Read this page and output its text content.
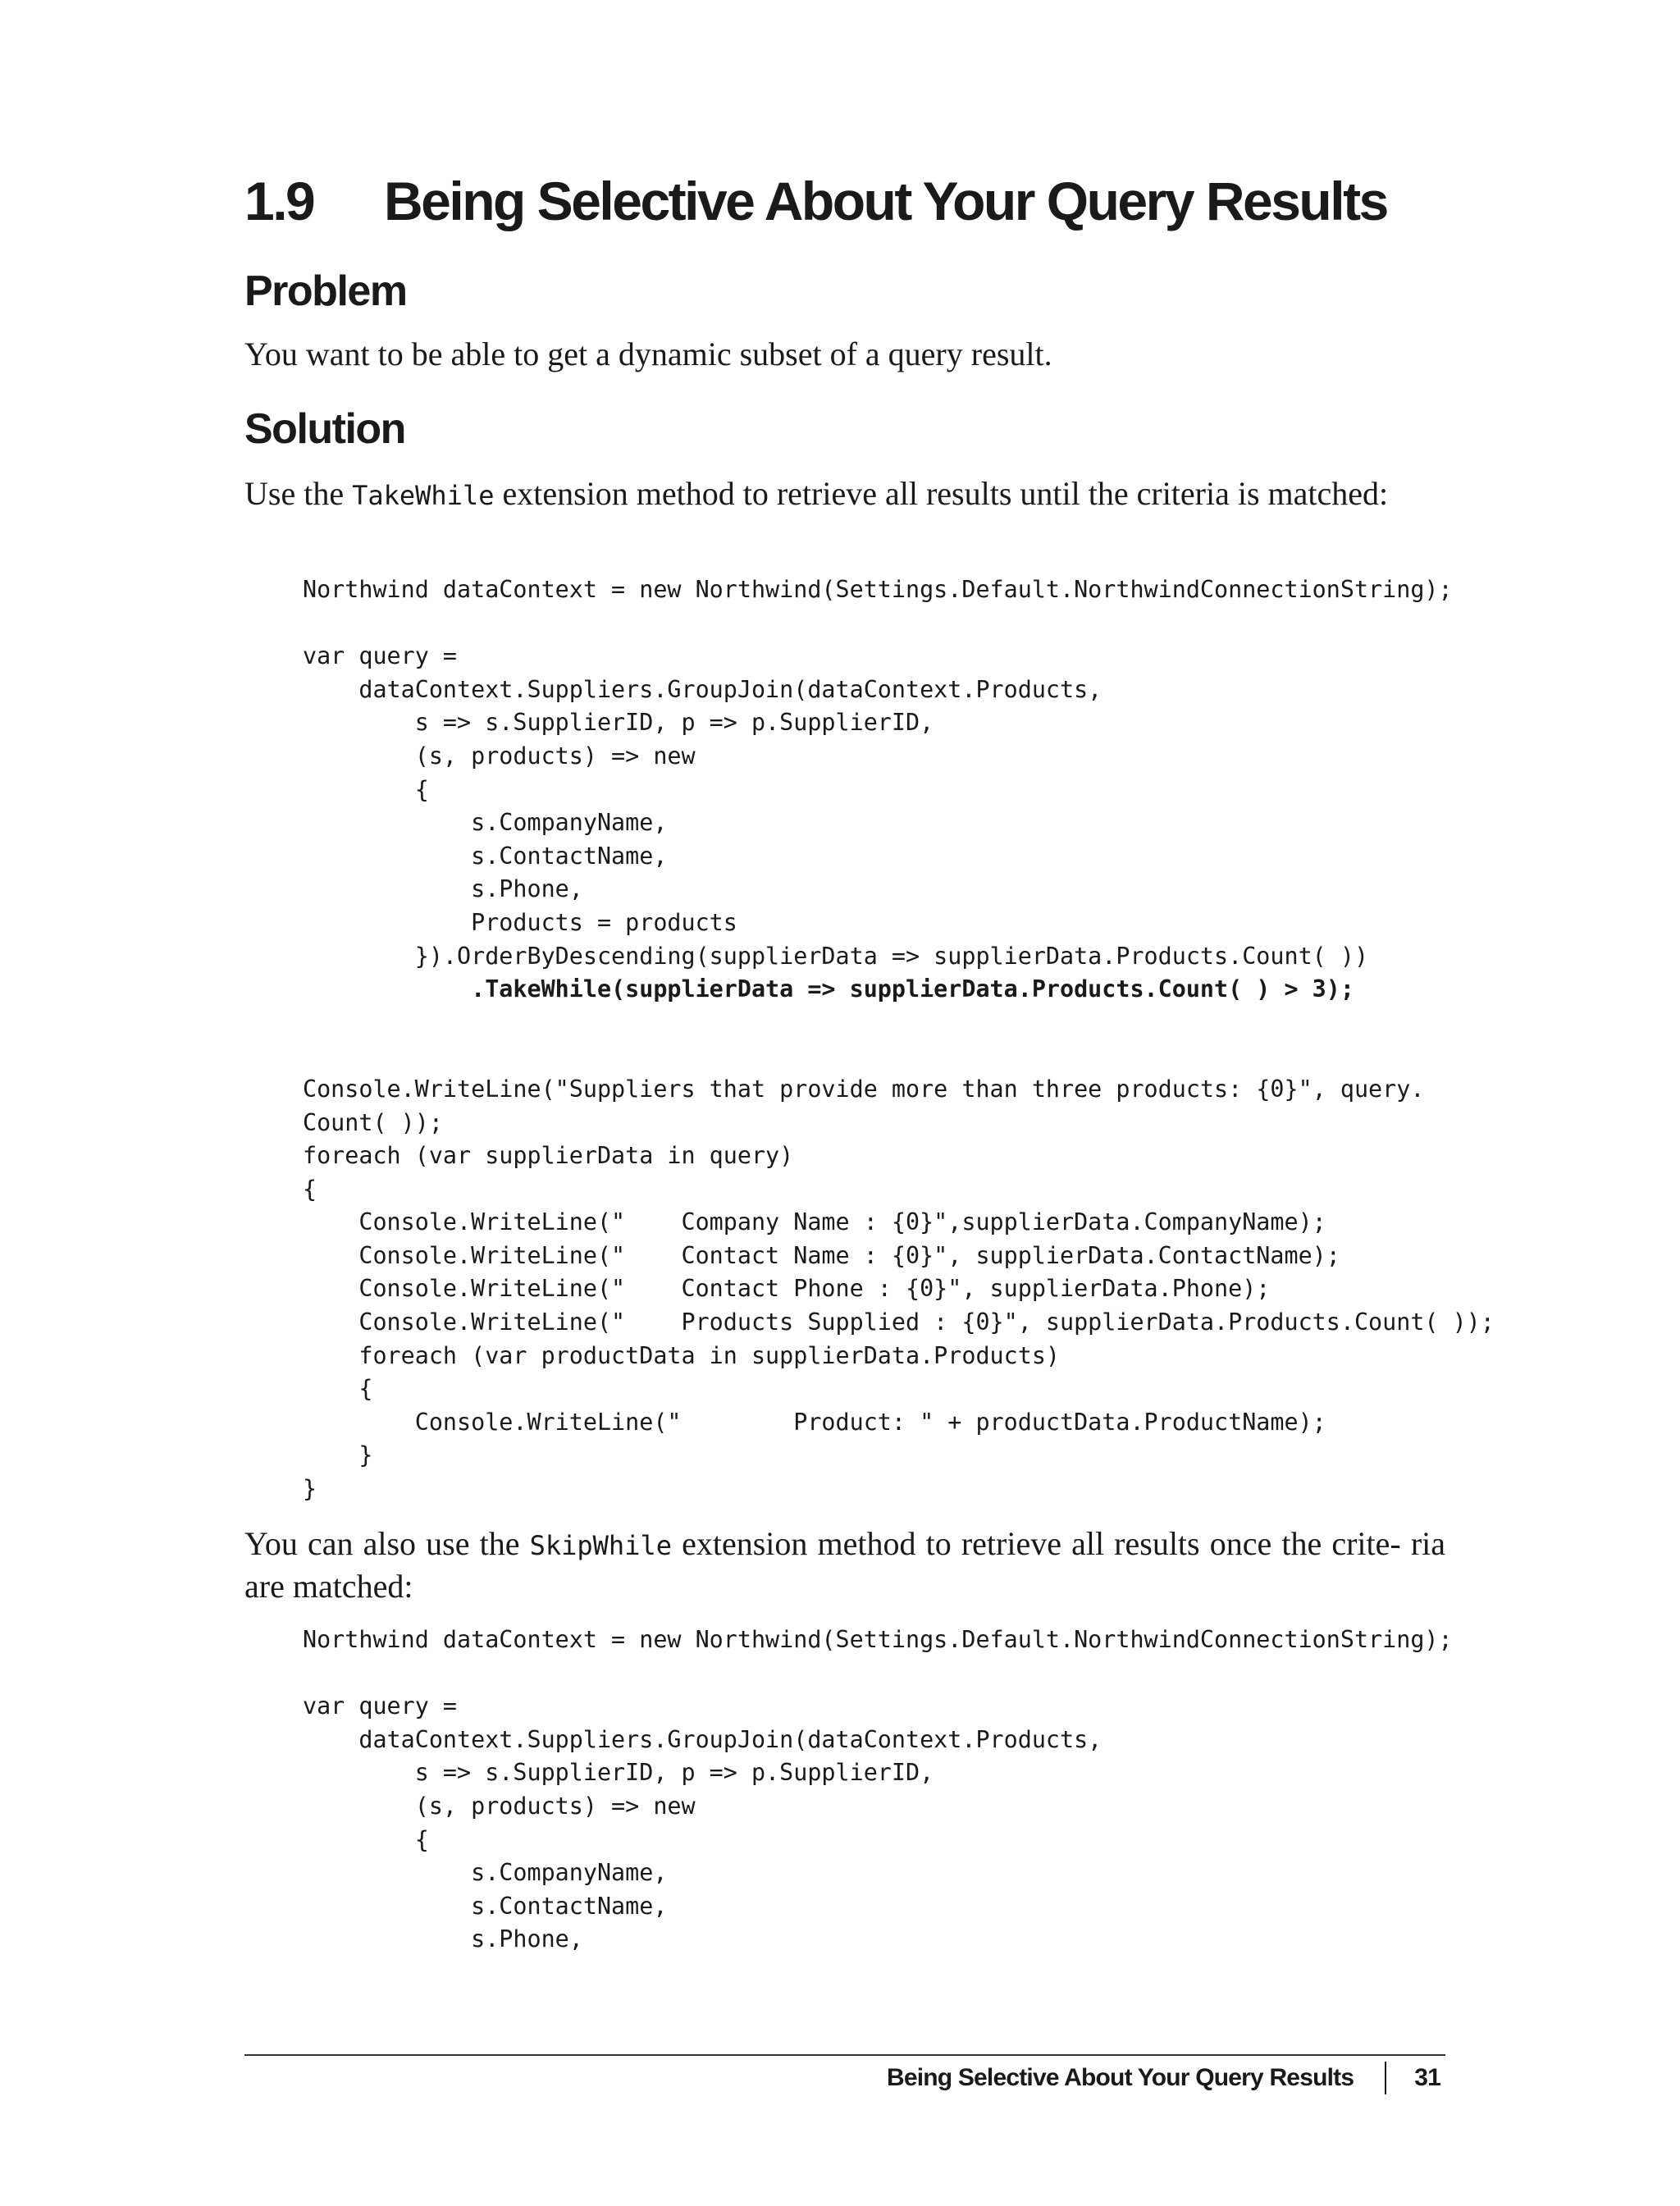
1.9 Being Selective About Your Query Results
Problem

You want to be able to get a dynamic subset of a query result.

Solution

Use the TakeWhile extension method to retrieve all results until the criteria is matched:

Northwind dataContext = new Northwind(Settings.Default.NorthwindConnectionString);
var query =
dataContext.Suppliers.GroupJoin(dataContext.Products,
s => s.SupplierID, p => p.SupplierID,
(s, products) => new
{
s.CompanyName,
s.ContactName,
s.Phone,
Products = products
}).OrderByDescending(supplierData => supplierData.Products.Count( ))
.TakeWhile(supplierData => supplierData.Products.Count( ) > 3);
Console.WriteLine("Suppliers that provide more than three products: {0}", query.
Count( ));
foreach (var supplierData in query)
{
Console.WriteLine("    Company Name : {0}",supplierData.CompanyName);
Console.WriteLine("    Contact Name : {0}", supplierData.ContactName);
Console.WriteLine("    Contact Phone : {0}", supplierData.Phone);
Console.WriteLine("    Products Supplied : {0}", supplierData.Products.Count( ));
foreach (var productData in supplierData.Products)
{
Console.WriteLine("        Product: " + productData.ProductName);
}
}

You can also use the SkipWhile extension method to retrieve all results once the crite- ria are matched:

Northwind dataContext = new Northwind(Settings.Default.NorthwindConnectionString);
var query =
dataContext.Suppliers.GroupJoin(dataContext.Products,
s => s.SupplierID, p => p.SupplierID,
(s, products) => new
{
s.CompanyName,
s.ContactName,
s.Phone,
Being Selective About Your Query Results 31
